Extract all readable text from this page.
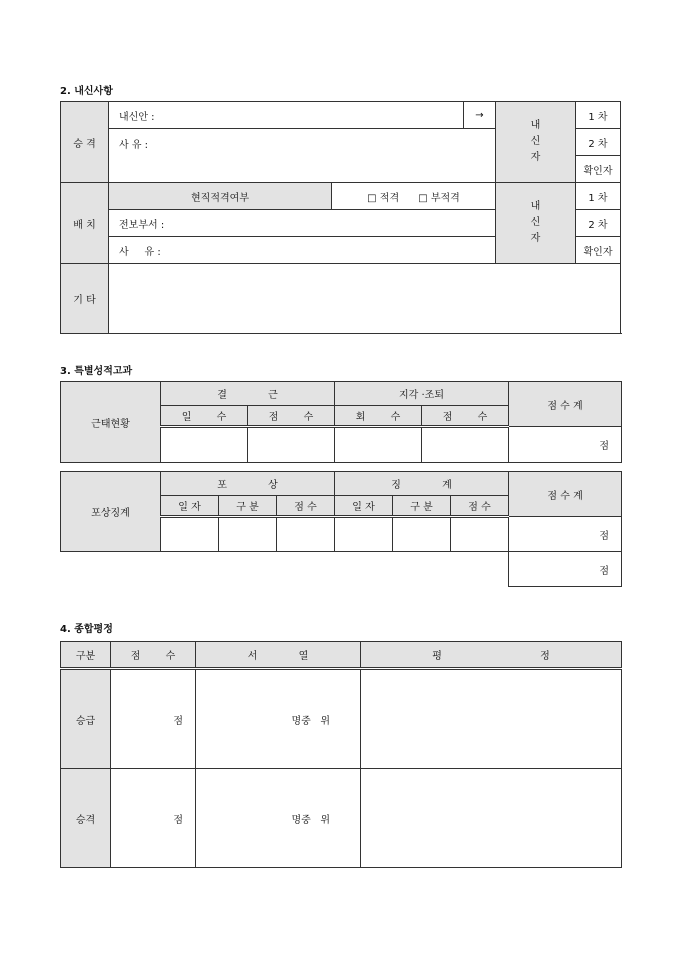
2. 내신사항
승 격	내신안 :		→	내
신
자	1 차	
	사 유 :				2 차	
					확인자	
배 치	현직적격여부	□ 적격 □ 부적격		내
신
자	1 차	
	전보부서 :				2 차	
	사     유 :				확인자	
기 타						
3. 특별성적고과
근태현황	결 근		지각 ·조퇴		점 수 계
	일 수	점 수	회 수	점 수	
					점
포상징계	포 상			징 계			점 수 계
	일 자	구 분	점 수	일 자	구 분	점 수	
							점
							점
4. 종합평정
구분	점 수	서 열	평 정
승급	점	명중   위	
승격	점	명중   위	
